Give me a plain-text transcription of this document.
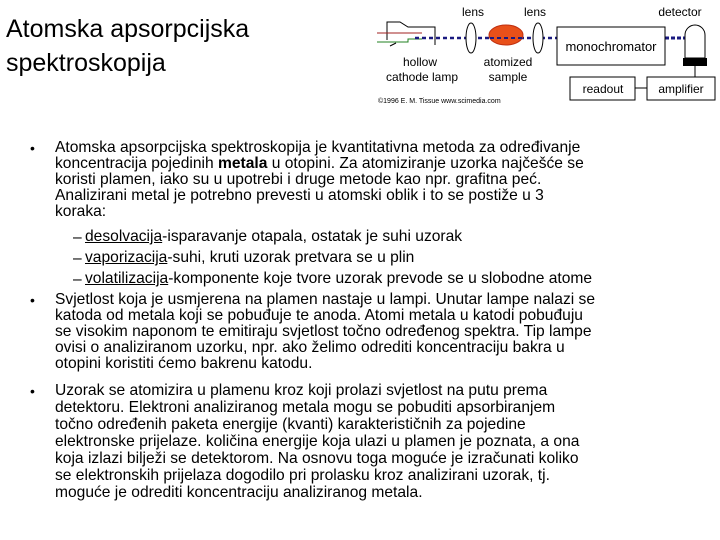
Atomska apsorpcijska
spektroskopija
lens	lens	detector
monochromator
hollow
cathode lamp
atomized
sample
readout	amplifier
©1996 E. M. Tissue www.scimedia.com
• Atomska apsorpcijska spektroskopija je kvantitativna metoda za određivanje
koncentracija pojedinih metala u otopini. Za atomiziranje uzorka najčešće se
koristi plamen, iako su u upotrebi i druge metode kao npr. grafitna peć.
Analizirani metal je potrebno prevesti u atomski oblik i to se postiže u 3
koraka:
– desolvacija-isparavanje otapala, ostatak je suhi uzorak
– vaporizacija-suhi, kruti uzorak pretvara se u plin
– volatilizacija-komponente koje tvore uzorak prevode se u slobodne atome
• Svjetlost koja je usmjerena na plamen nastaje u lampi. Unutar lampe nalazi se
katoda od metala koji se pobuđuje te anoda. Atomi metala u katodi pobuđuju
se visokim naponom te emitiraju svjetlost točno određenog spektra. Tip lampe
ovisi o analiziranom uzorku, npr. ako želimo odrediti koncentraciju bakra u
otopini koristiti ćemo bakrenu katodu.
• Uzorak se atomizira u plamenu kroz koji prolazi svjetlost na putu prema
detektoru. Elektroni analiziranog metala mogu se pobuditi apsorbiranjem
točno određenih paketa energije (kvanti) karakterističnih za pojedine
elektronske prijelaze. količina energije koja ulazi u plamen je poznata, a ona
koja izlazi bilježi se detektorom. Na osnovu toga moguće je izračunati koliko
se elektronskih prijelaza dogodilo pri prolasku kroz analizirani uzorak, tj.
moguće je odrediti koncentraciju analiziranog metala.
